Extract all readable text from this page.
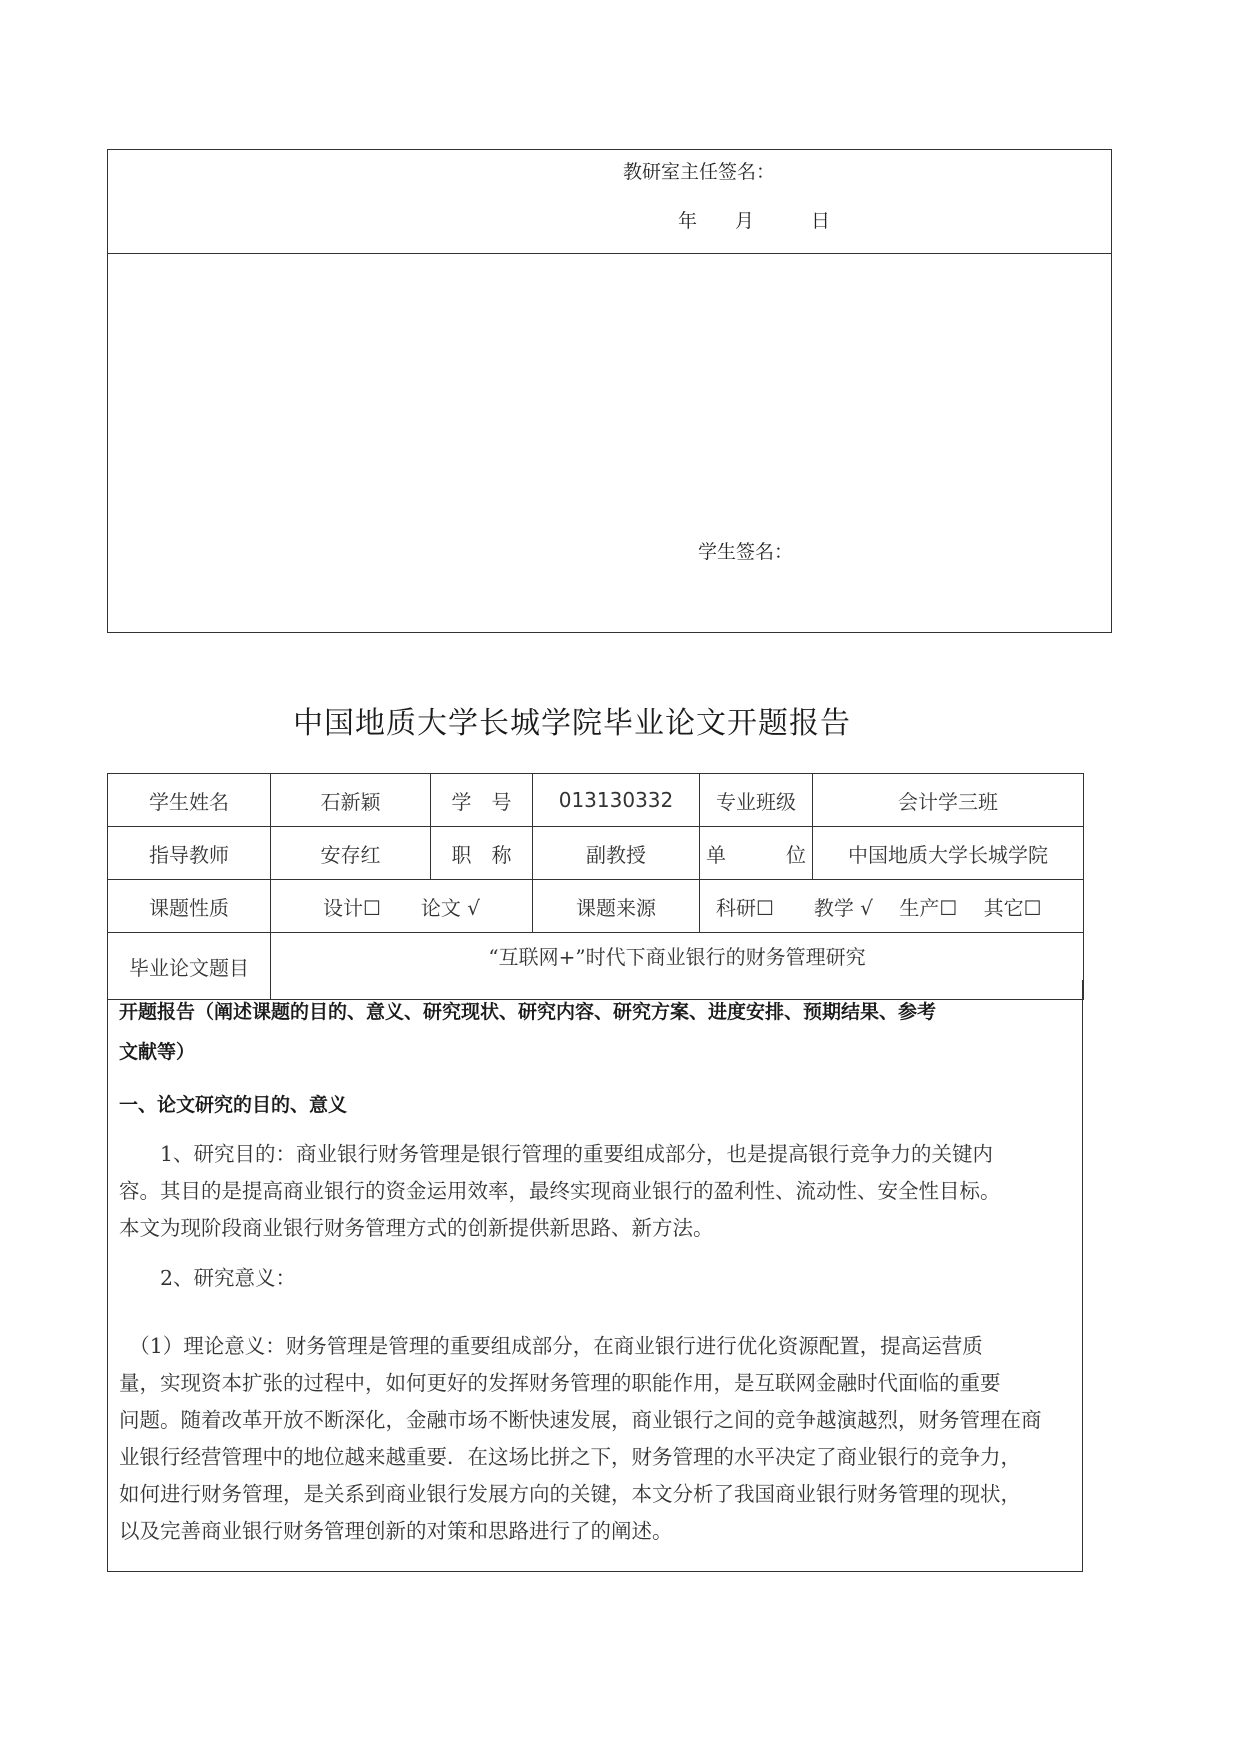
教研室主任签名：
年　　月　　　日
学生签名：
中国地质大学长城学院毕业论文开题报告
学生姓名	石新颖	学　号	013130332	专业班级	会计学三班
指导教师	安存红	职　称	副教授	单　　　位	中国地质大学长城学院
课题性质	设计☐　　论文 √		课题来源	科研☐　　教学 √　 生产☐　 其它☐	
毕业论文题目	“互联网+”时代下商业银行的财务管理研究				
开题报告（阐述课题的目的、意义、研究现状、研究内容、研究方案、进度安排、预期结果、参考
文献等）
一、论文研究的目的、意义
　　1、研究目的：商业银行财务管理是银行管理的重要组成部分，也是提高银行竞争力的关键内
容。其目的是提高商业银行的资金运用效率，最终实现商业银行的盈利性、流动性、安全性目标。
本文为现阶段商业银行财务管理方式的创新提供新思路、新方法。
　　2、研究意义：
　（1）理论意义：财务管理是管理的重要组成部分，在商业银行进行优化资源配置，提高运营质
量，实现资本扩张的过程中，如何更好的发挥财务管理的职能作用，是互联网金融时代面临的重要
问题。随着改革开放不断深化，金融市场不断快速发展，商业银行之间的竞争越演越烈，财务管理在商
业银行经营管理中的地位越来越重要．在这场比拼之下，财务管理的水平决定了商业银行的竞争力，
如何进行财务管理，是关系到商业银行发展方向的关键，本文分析了我国商业银行财务管理的现状，
以及完善商业银行财务管理创新的对策和思路进行了的阐述。
